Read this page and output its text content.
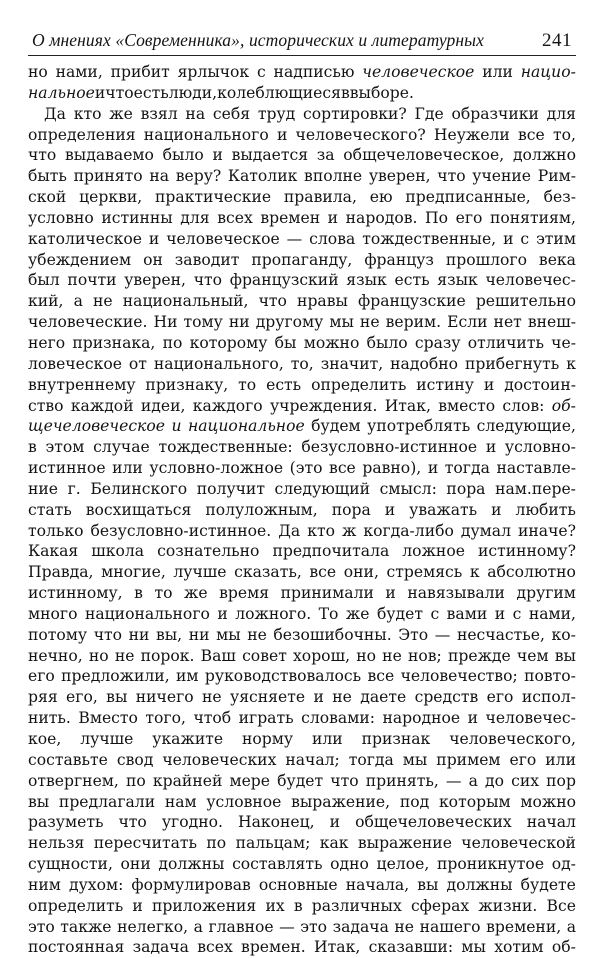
О мнениях «Современника», исторических и литературных	241
но нами, прибит ярлычок с надписью человеческое или нацио-
нальное и что есть люди, колеблющиеся в выборе.
Да кто же взял на себя труд сортировки? Где обрaзчики для
определения национального и человеческого? Неужели все то,
что выдавaемо было и выдается за общечеловеческое, должно
быть принято на веру? Католик вполне уверен, что учение Рим-
ской церкви, практические правила, ею предписанные, без-
условно истинны для всех времен и народов. По его понятиям,
католическое и человеческое — слова тождественные, и с этим
убеждением он заводит пропаганду, француз прошлого века
был почти уверен, что французский язык есть язык человечес-
кий, а не национальный, что нравы французские решительно
человеческие. Ни тому ни другому мы не верим. Если нет внеш-
него признака, по которому бы можно было сразу отличить че-
ловеческое от национального, то, значит, надобно прибегнуть к
внутреннему признаку, то есть определить истину и достоин-
ство каждой идеи, каждого учреждения. Итак, вместо слов: об-
щечеловеческое и национальное будем употреблять следующие,
в этом случае тождественные: безусловно-истинное и условно-
истинное или условно-ложное (это все равно), и тогда наставле-
ние г. Белинского получит следующий смысл: пора нам.пере-
стать восхищаться полуложным, пора и уважать и любить
только безусловно-истинное. Да кто ж когда-либо думал иначе?
Какая школа сознательно предпочитала ложное истинному?
Правда, многие, лучше сказать, все они, стремясь к абсолютно
истинному, в то же время принимали и навязывали другим
много национального и ложного. То же будет с вами и с нами,
потому что ни вы, ни мы не безошибочны. Это — несчастье, ко-
нечно, но не порок. Ваш совет хорош, но не нов; прежде чем вы
его предложили, им руководствовалось все человечество; повто-
ряя его, вы ничего не уясняете и не даете средств его испол-
нить. Вместо того, чтоб играть словами: народное и человечес-
кое, лучше укажите норму или признак человеческого,
составьте свод человеческих начал; тогда мы примем его или
отвергнем, по крайней мере будет что принять, — а до сих пор
вы предлагали нам условное выражение, под которым можно
разуметь что угодно. Наконец, и общечеловеческих начал
нельзя пересчитать по пальцам; как выражение человеческой
сущности, они должны составлять одно целое, проникнутое од-
ним духом: формулировав основные начала, вы должны будете
определить и приложения их в различных сферах жизни. Все
это также нелегко, а главное — это задача не нашего времени, а
постоянная задача всех времен. Итак, сказавши: мы хотим об-
